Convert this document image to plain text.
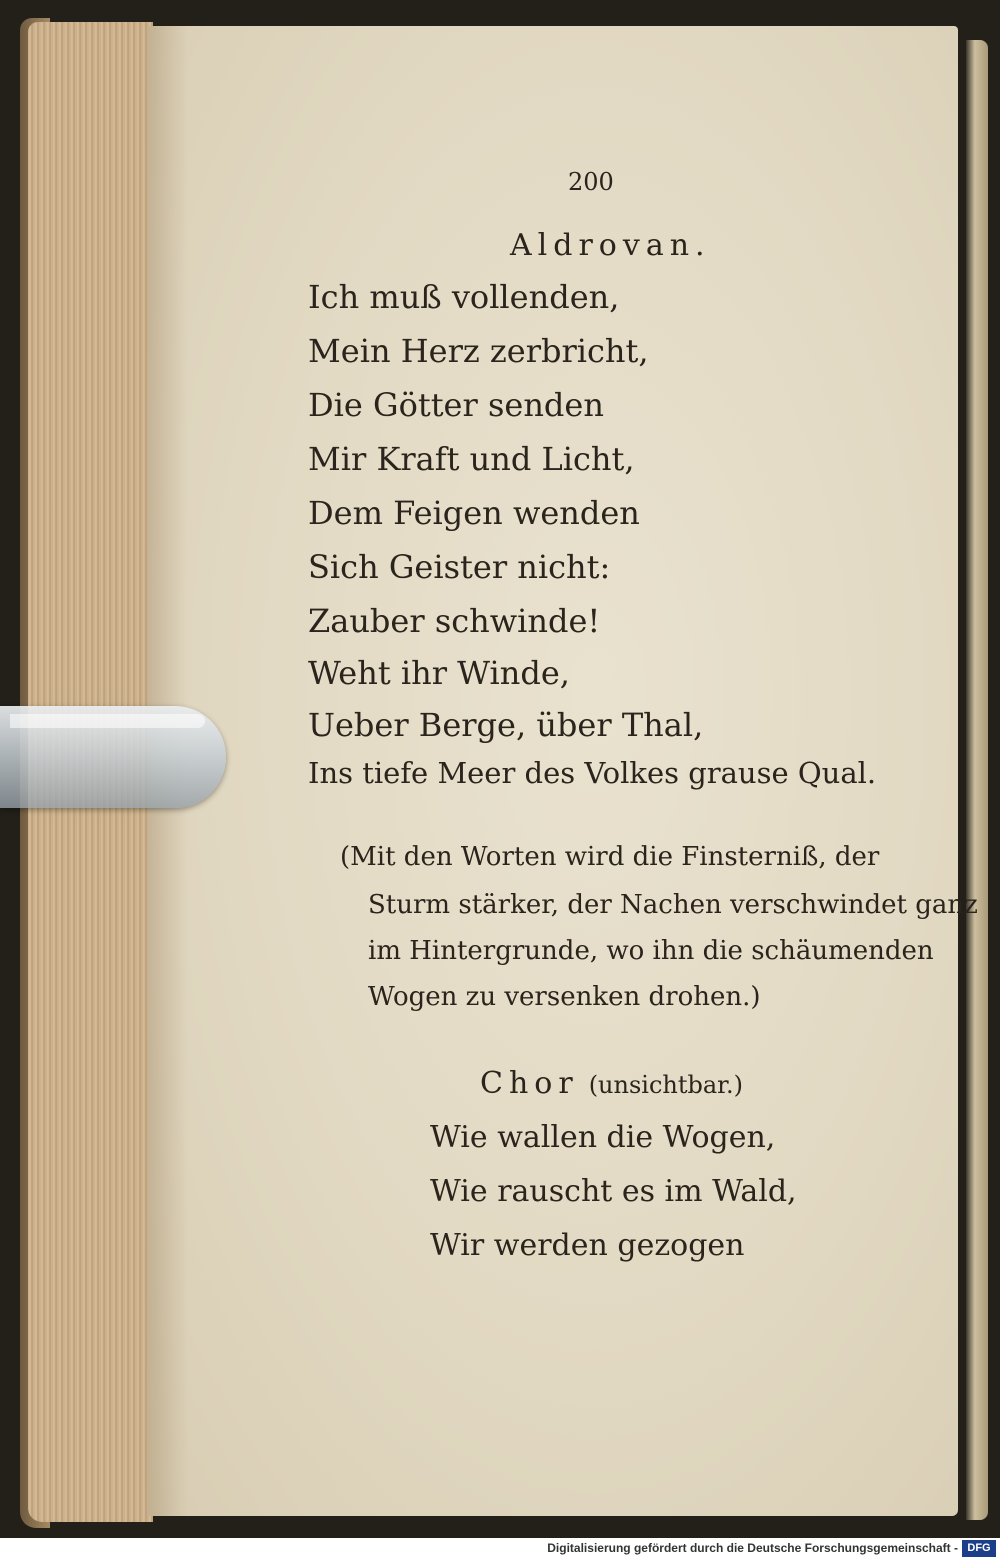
200
Aldrovan.
Ich muß vollenden,
Mein Herz zerbricht,
Die Götter senden
Mir Kraft und Licht,
Dem Feigen wenden
Sich Geister nicht:
Zauber schwinde!
Weht ihr Winde,
Ueber Berge, über Thal,
Ins tiefe Meer des Volkes grause Qual.
(Mit den Worten wird die Finsterniß, der
Sturm stärker, der Nachen verschwindet ganz
im Hintergrunde, wo ihn die schäumenden
Wogen zu versenken drohen.)
Chor (unsichtbar.)
Wie wallen die Wogen,
Wie rauscht es im Wald,
Wir werden gezogen
Digitalisierung gefördert durch die Deutsche Forschungsgemeinschaft - DFG
